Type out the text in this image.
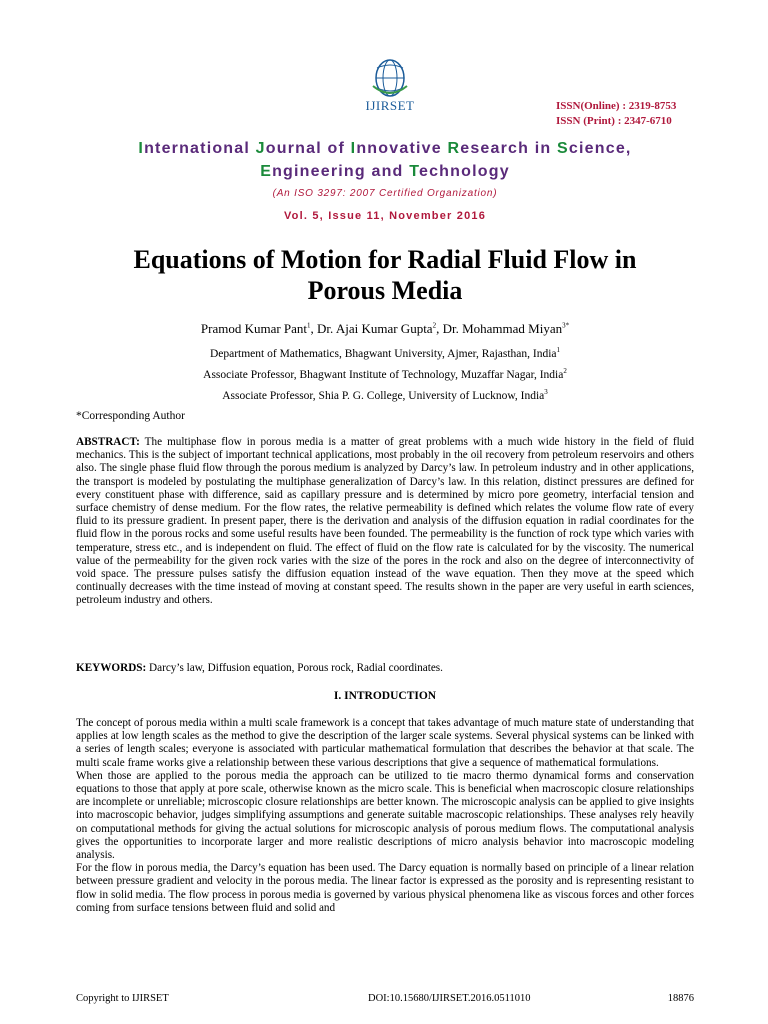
IJIRSET	ISSN(Online) : 2319-8753
ISSN (Print) : 2347-6710
International Journal of Innovative Research in Science,
Engineering and Technology
(An ISO 3297: 2007 Certified Organization)
Vol. 5, Issue 11, November 2016
Equations of Motion for Radial Fluid Flow in
Porous Media
Pramod Kumar Pant$^1$, Dr. Ajai Kumar Gupta$^2$, Dr. Mohammad Miyan$^{3*}$
Department of Mathematics, Bhagwant University, Ajmer, Rajasthan, India$^1$
Associate Professor, Bhagwant Institute of Technology, Muzaffar Nagar, India$^2$
Associate Professor, Shia P. G. College, University of Lucknow, India$^3$
*Corresponding Author
ABSTRACT: The multiphase flow in porous media is a matter of great problems with a much wide history in the field of fluid mechanics. This is the subject of important technical applications, most probably in the oil recovery from petroleum reservoirs and others also. The single phase fluid flow through the porous medium is analyzed by Darcy’s law. In petroleum industry and in other applications, the transport is modeled by postulating the multiphase generalization of Darcy’s law. In this relation, distinct pressures are defined for every constituent phase with difference, said as capillary pressure and is determined by micro pore geometry, interfacial tension and surface chemistry of dense medium. For the flow rates, the relative permeability is defined which relates the volume flow rate of every fluid to its pressure gradient. In present paper, there is the derivation and analysis of the diffusion equation in radial coordinates for the fluid flow in the porous rocks and some useful results have been founded. The permeability is the function of rock type which varies with temperature, stress etc., and is independent on fluid. The effect of fluid on the flow rate is calculated for by the viscosity. The numerical value of the permeability for the given rock varies with the size of the pores in the rock and also on the degree of interconnectivity of void space. The pressure pulses satisfy the diffusion equation instead of the wave equation. Then they move at the speed which continually decreases with the time instead of moving at constant speed. The results shown in the paper are very useful in earth sciences, petroleum industry and others.
KEYWORDS: Darcy’s law, Diffusion equation, Porous rock, Radial coordinates.
I. INTRODUCTION
The concept of porous media within a multi scale framework is a concept that takes advantage of much mature state of understanding that applies at low length scales as the method to give the description of the larger scale systems. Several physical systems can be linked with a series of length scales; everyone is associated with particular mathematical formulation that describes the behavior at that scale. The multi scale frame works give a relationship between these various descriptions that give a sequence of mathematical formulations.
When those are applied to the porous media the approach can be utilized to tie macro thermo dynamical forms and conservation equations to those that apply at pore scale, otherwise known as the micro scale. This is beneficial when macroscopic closure relationships are incomplete or unreliable; microscopic closure relationships are better known. The microscopic analysis can be applied to give insights into macroscopic behavior, judges simplifying assumptions and generate suitable macroscopic relationships. These analyses rely heavily on computational methods for giving the actual solutions for microscopic analysis of porous medium flows. The computational analysis gives the opportunities to incorporate larger and more realistic descriptions of micro analysis behavior into macroscopic modeling analysis.
For the flow in porous media, the Darcy’s equation has been used. The Darcy equation is normally based on principle of a linear relation between pressure gradient and velocity in the porous media. The linear factor is expressed as the porosity and is representing resistant to flow in solid media. The flow process in porous media is governed by various physical phenomena like as viscous forces and other forces coming from surface tensions between fluid and solid and
Copyright to IJIRSET	DOI:10.15680/IJIRSET.2016.0511010	18876
